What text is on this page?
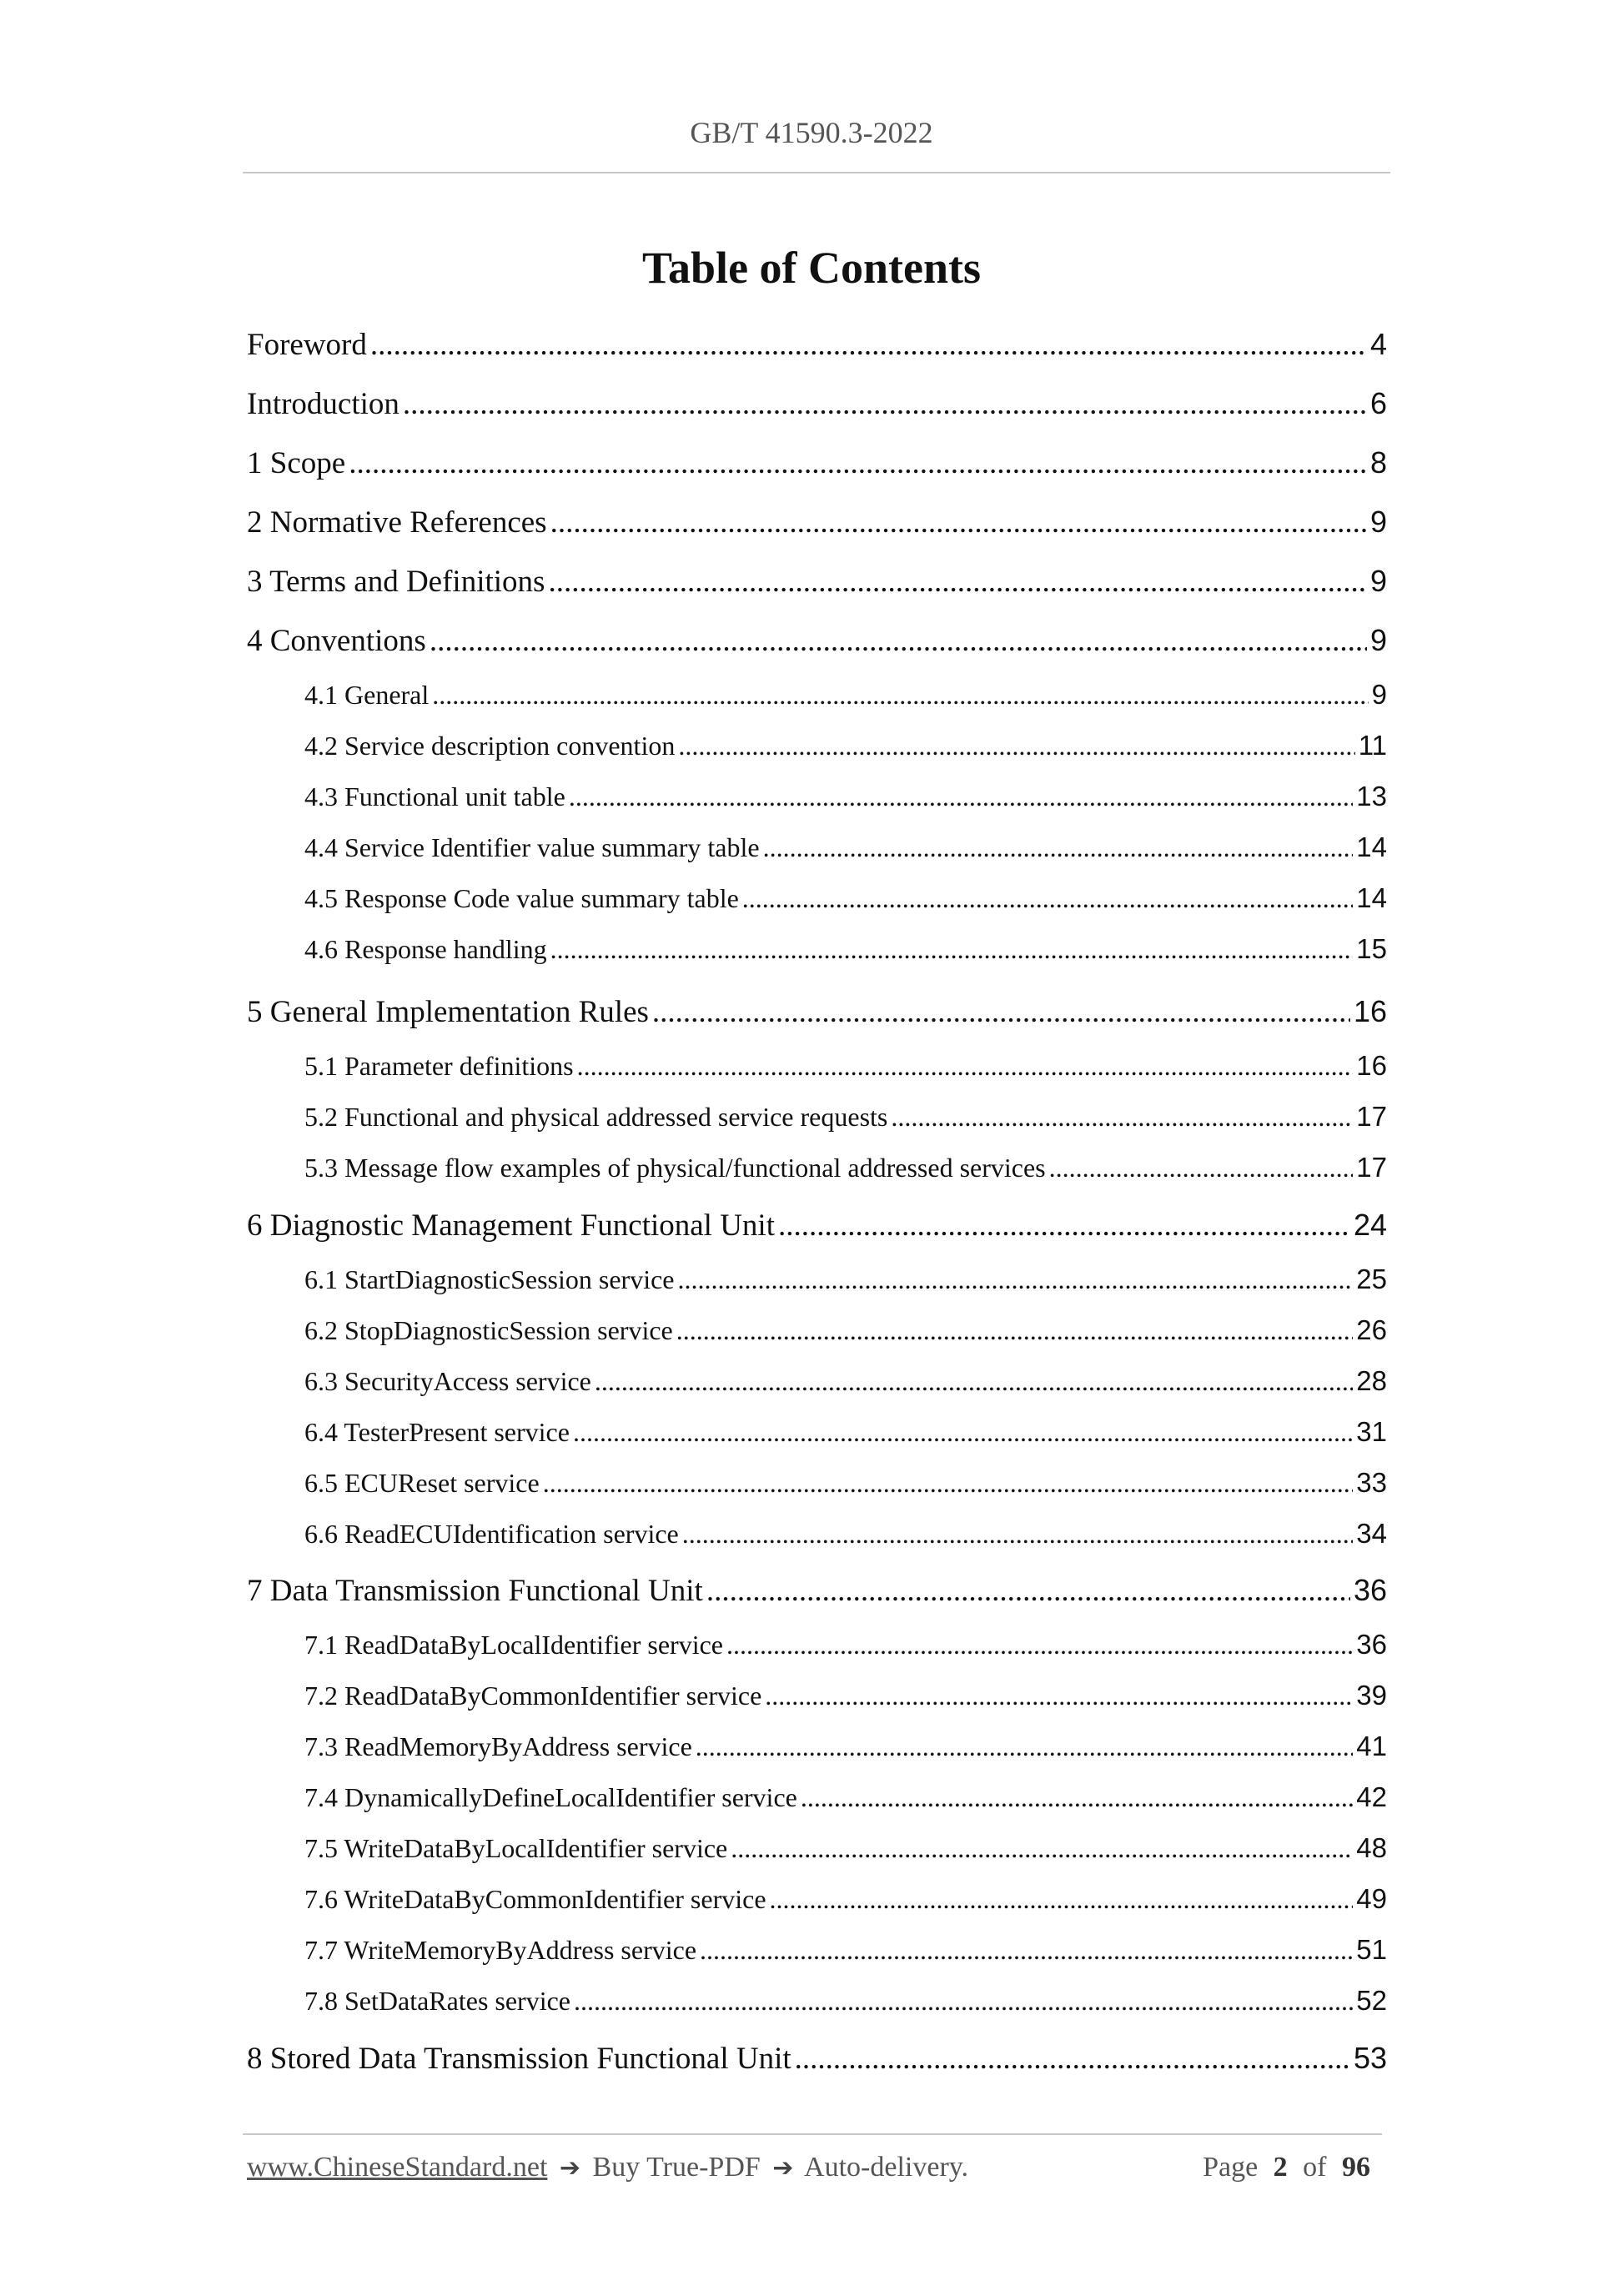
GB/T 41590.3-2022
Table of Contents
Foreword .....	4
Introduction .....	6
1 Scope .....	8
2 Normative References .....	9
3 Terms and Definitions .....	9
4 Conventions .....	9
4.1 General .....	9
4.2 Service description convention .....	11
4.3 Functional unit table .....	13
4.4 Service Identifier value summary table .....	14
4.5 Response Code value summary table .....	14
4.6 Response handling .....	15
5 General Implementation Rules .....	16
5.1 Parameter definitions .....	16
5.2 Functional and physical addressed service requests .....	17
5.3 Message flow examples of physical/functional addressed services .....	17
6 Diagnostic Management Functional Unit .....	24
6.1 StartDiagnosticSession service .....	25
6.2 StopDiagnosticSession service .....	26
6.3 SecurityAccess service .....	28
6.4 TesterPresent service .....	31
6.5 ECUReset service .....	33
6.6 ReadECUIdentification service .....	34
7 Data Transmission Functional Unit .....	36
7.1 ReadDataByLocalIdentifier service .....	36
7.2 ReadDataByCommonIdentifier service .....	39
7.3 ReadMemoryByAddress service .....	41
7.4 DynamicallyDefineLocalIdentifier service .....	42
7.5 WriteDataByLocalIdentifier service .....	48
7.6 WriteDataByCommonIdentifier service .....	49
7.7 WriteMemoryByAddress service .....	51
7.8 SetDataRates service .....	52
8 Stored Data Transmission Functional Unit .....	53
www.ChineseStandard.net ➔ Buy True-PDF ➔ Auto-delivery.	Page 2 of 96
